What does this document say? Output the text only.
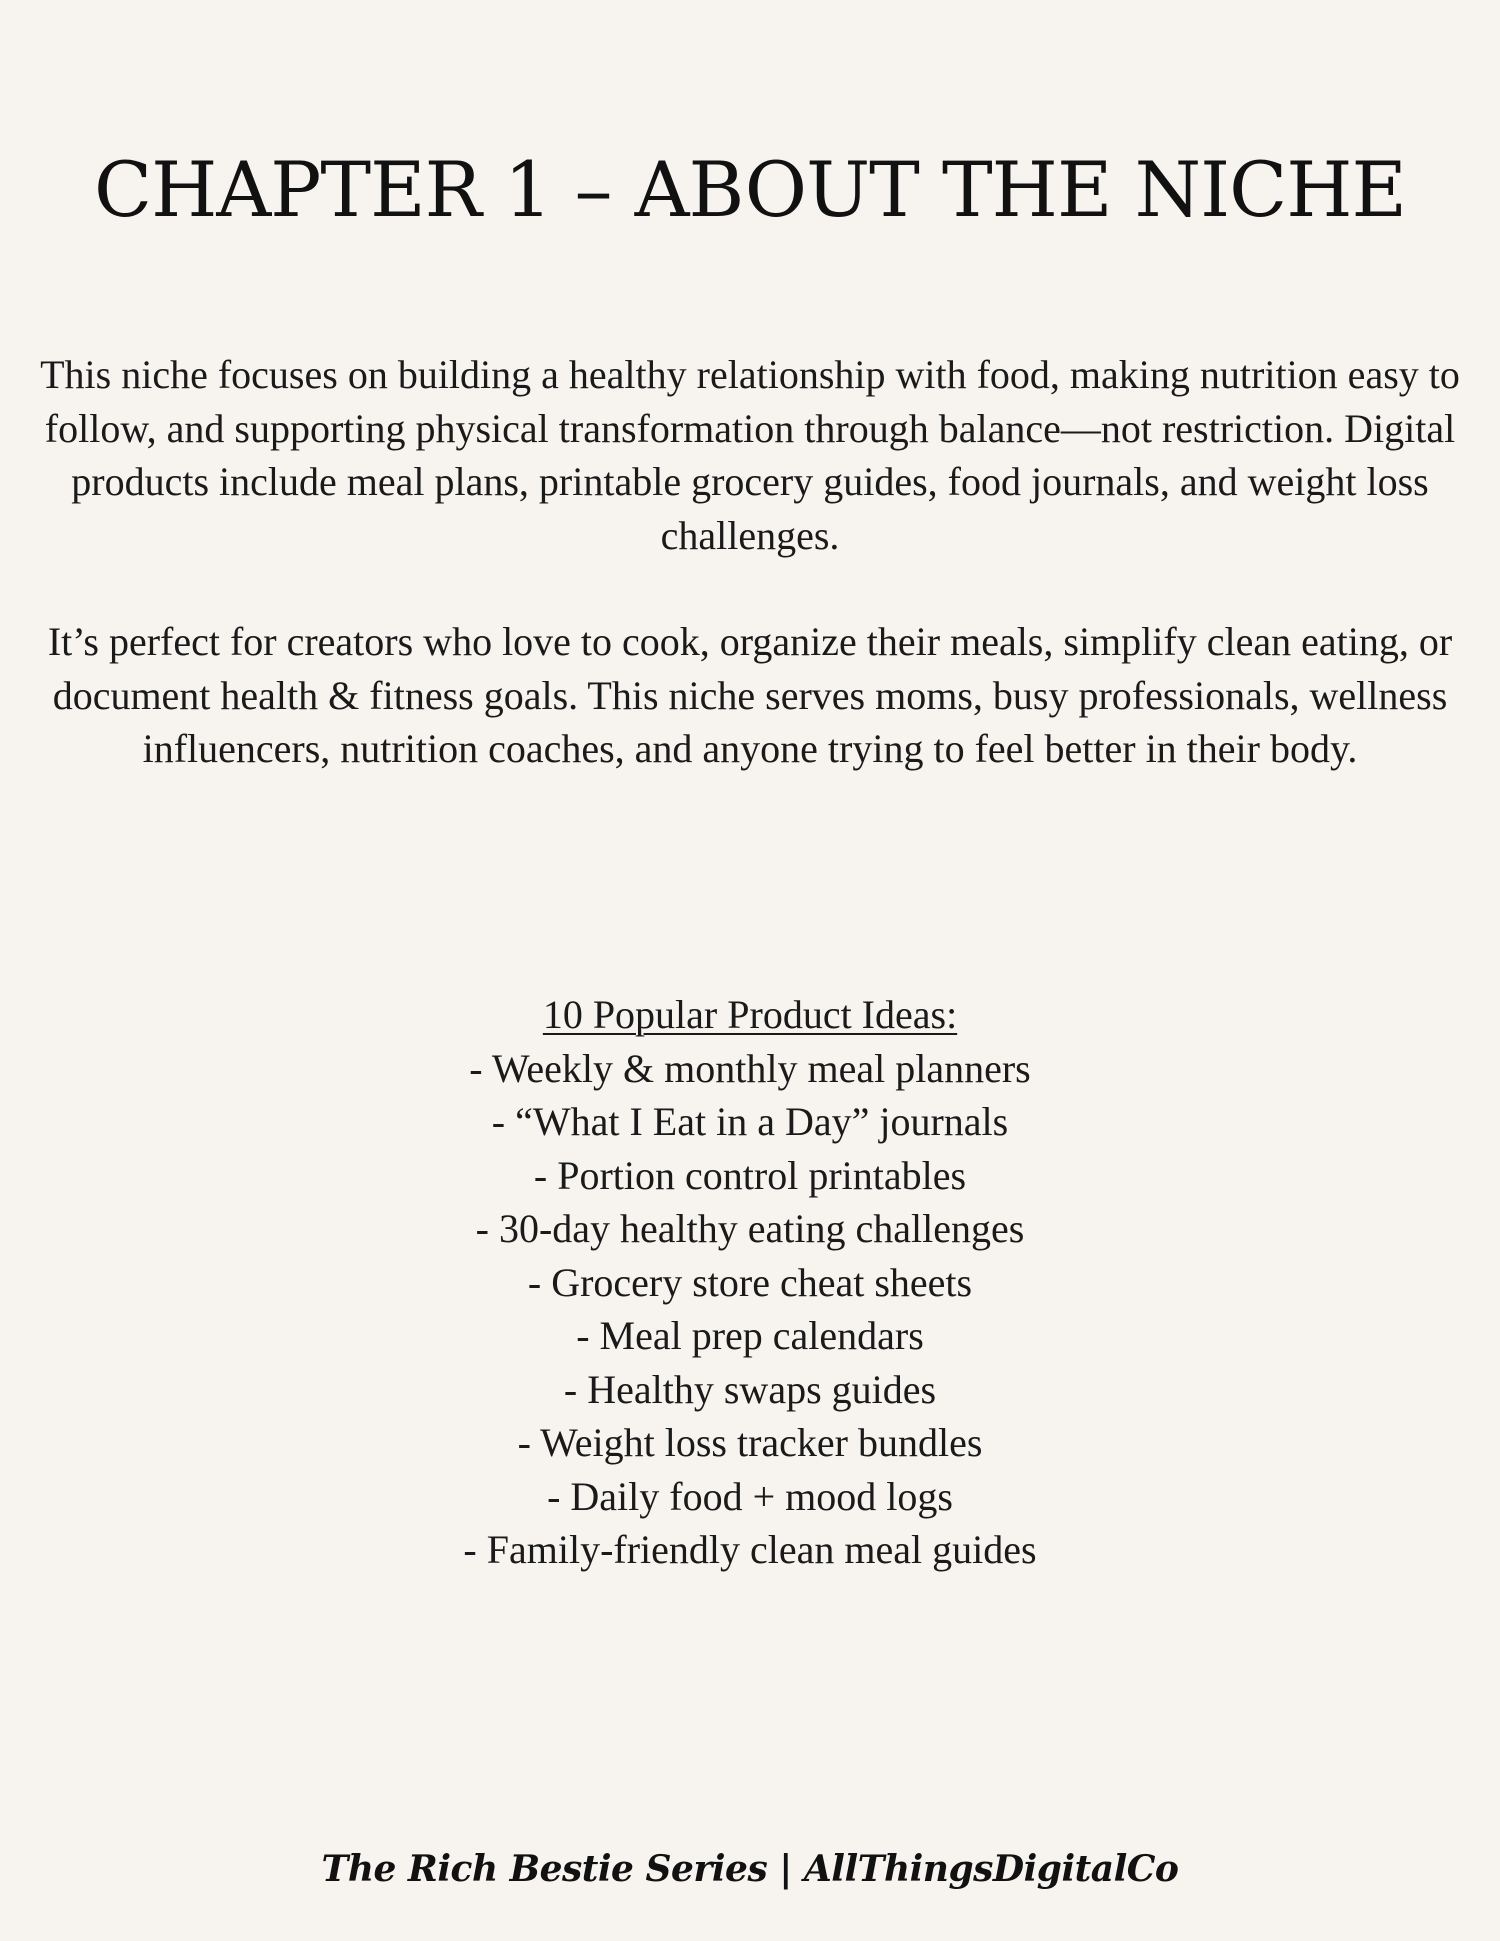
CHAPTER 1 – ABOUT THE NICHE

This niche focuses on building a healthy relationship with food, making nutrition easy to follow, and supporting physical transformation through balance—not restriction. Digital products include meal plans, printable grocery guides, food journals, and weight loss challenges.

It’s perfect for creators who love to cook, organize their meals, simplify clean eating, or document health & fitness goals. This niche serves moms, busy professionals, wellness influencers, nutrition coaches, and anyone trying to feel better in their body.

10 Popular Product Ideas:
- Weekly & monthly meal planners
- “What I Eat in a Day” journals
- Portion control printables
- 30-day healthy eating challenges
- Grocery store cheat sheets
- Meal prep calendars
- Healthy swaps guides
- Weight loss tracker bundles
- Daily food + mood logs
- Family-friendly clean meal guides
The Rich Bestie Series | AllThingsDigitalCo
